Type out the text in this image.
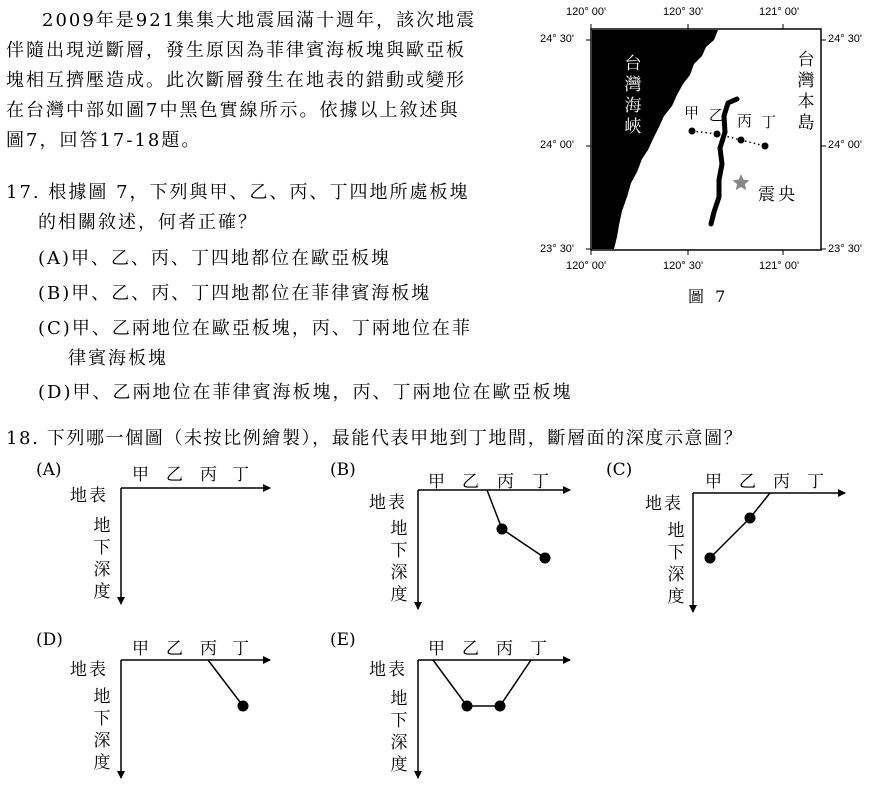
2009年是921集集大地震屆滿十週年，該次地震
伴隨出現逆斷層，發生原因為菲律賓海板塊與歐亞板
塊相互擠壓造成。此次斷層發生在地表的錯動或變形
在台灣中部如圖7中黑色實線所示。依據以上敘述與
圖7，回答17-18題。
17. 根據圖 7，下列與甲、乙、丙、丁四地所處板塊
的相關敘述，何者正確？
(A)甲、乙、丙、丁四地都位在歐亞板塊
(B)甲、乙、丙、丁四地都位在菲律賓海板塊
(C)甲、乙兩地位在歐亞板塊，丙、丁兩地位在菲
律賓海板塊
(D)甲、乙兩地位在菲律賓海板塊，丙、丁兩地位在歐亞板塊
18. 下列哪一個圖（未按比例繪製），最能代表甲地到丁地間，斷層面的深度示意圖？
120° 00'	120° 30'	121° 00'
120° 00'	120° 30'	121° 00'
24° 30'
24° 00'
23° 30'
24° 30'
24° 00'
23° 30'
台灣海峽
台灣本島
甲 乙 丙 丁
震央
圖 7
(A)	甲 乙 丙 丁
地表
地下深度
(B)
甲 乙 丙 丁
地表
地下深度
(C)
甲 乙 丙 丁
地表
地下深度
(D)	甲 乙 丙 丁
地表
地下深度
(E)	甲 乙 丙 丁
地表
地下深度
